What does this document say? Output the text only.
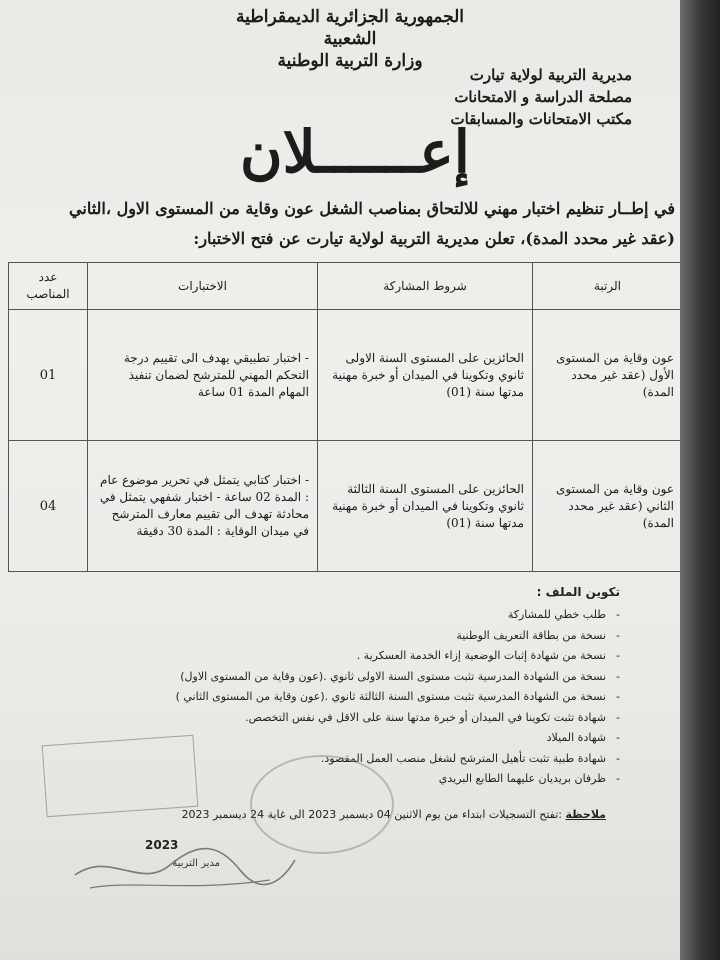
الجمهورية الجزائرية الديمقراطية الشعبية
وزارة التربية الوطنية
مديرية التربية لولاية تيارت
مصلحة الدراسة و الامتحانات
مكتب الامتحانات والمسابقات
إعــــــلان
في إطــار تنظيم اختبار مهني للالتحاق بمناصب الشغل عون وقاية من المستوى الاول ،الثاني (عقد غير محدد المدة)، تعلن مديرية التربية لولاية تيارت عن فتح الاختبار:
الرتبة	شروط المشاركة	الاختبارات	عدد المناصب
عون وقاية من المستوى الأول (عقد غير محدد المدة)	الحائزين على المستوى السنة الاولى ثانوي وتكوينا في الميدان أو خبرة مهنية مدتها سنة (01)	- اختبار تطبيقي يهدف الى تقييم درجة التحكم المهني للمترشح لضمان تنفيذ المهام المدة 01 ساعة	01
عون وقاية من المستوى الثاني (عقد غير محدد المدة)	الحائزين على المستوى السنة الثالثة ثانوي وتكوينا في الميدان أو خبرة مهنية مدتها سنة (01)	- اختبار كتابي يتمثل في تحرير موضوع عام : المدة 02 ساعة - اختبار شفهي يتمثل في محادثة تهدف الى تقييم معارف المترشح في ميدان الوقاية : المدة 30 دقيقة	04
تكوين الملف :
- طلب خطي للمشاركة
- نسخة من بطاقة التعريف الوطنية
- نسخة من شهادة إثبات الوضعية إزاء الخدمة العسكرية .
- نسخة من الشهادة المدرسية تثبت مستوى السنة الاولى ثانوي .(عون وقاية من المستوى الاول)
- نسخة من الشهادة المدرسية تثبت مستوى السنة الثالثة ثانوي .(عون وقاية من المستوى الثاني )
- شهادة تثبت تكوينا في الميدان أو خبرة مدتها سنة على الاقل في نفس التخصص.
- شهادة الميلاد
- شهادة طبية تثبت تأهيل المترشح لشغل منصب العمل المقصود.
- ظرفان بريديان عليهما الطابع البريدي
ملاحظة :تفتح التسجيلات ابتداء من يوم الاثنين 04 ديسمبر 2023 الى غاية 24 ديسمبر 2023
2023
مدير التربية
